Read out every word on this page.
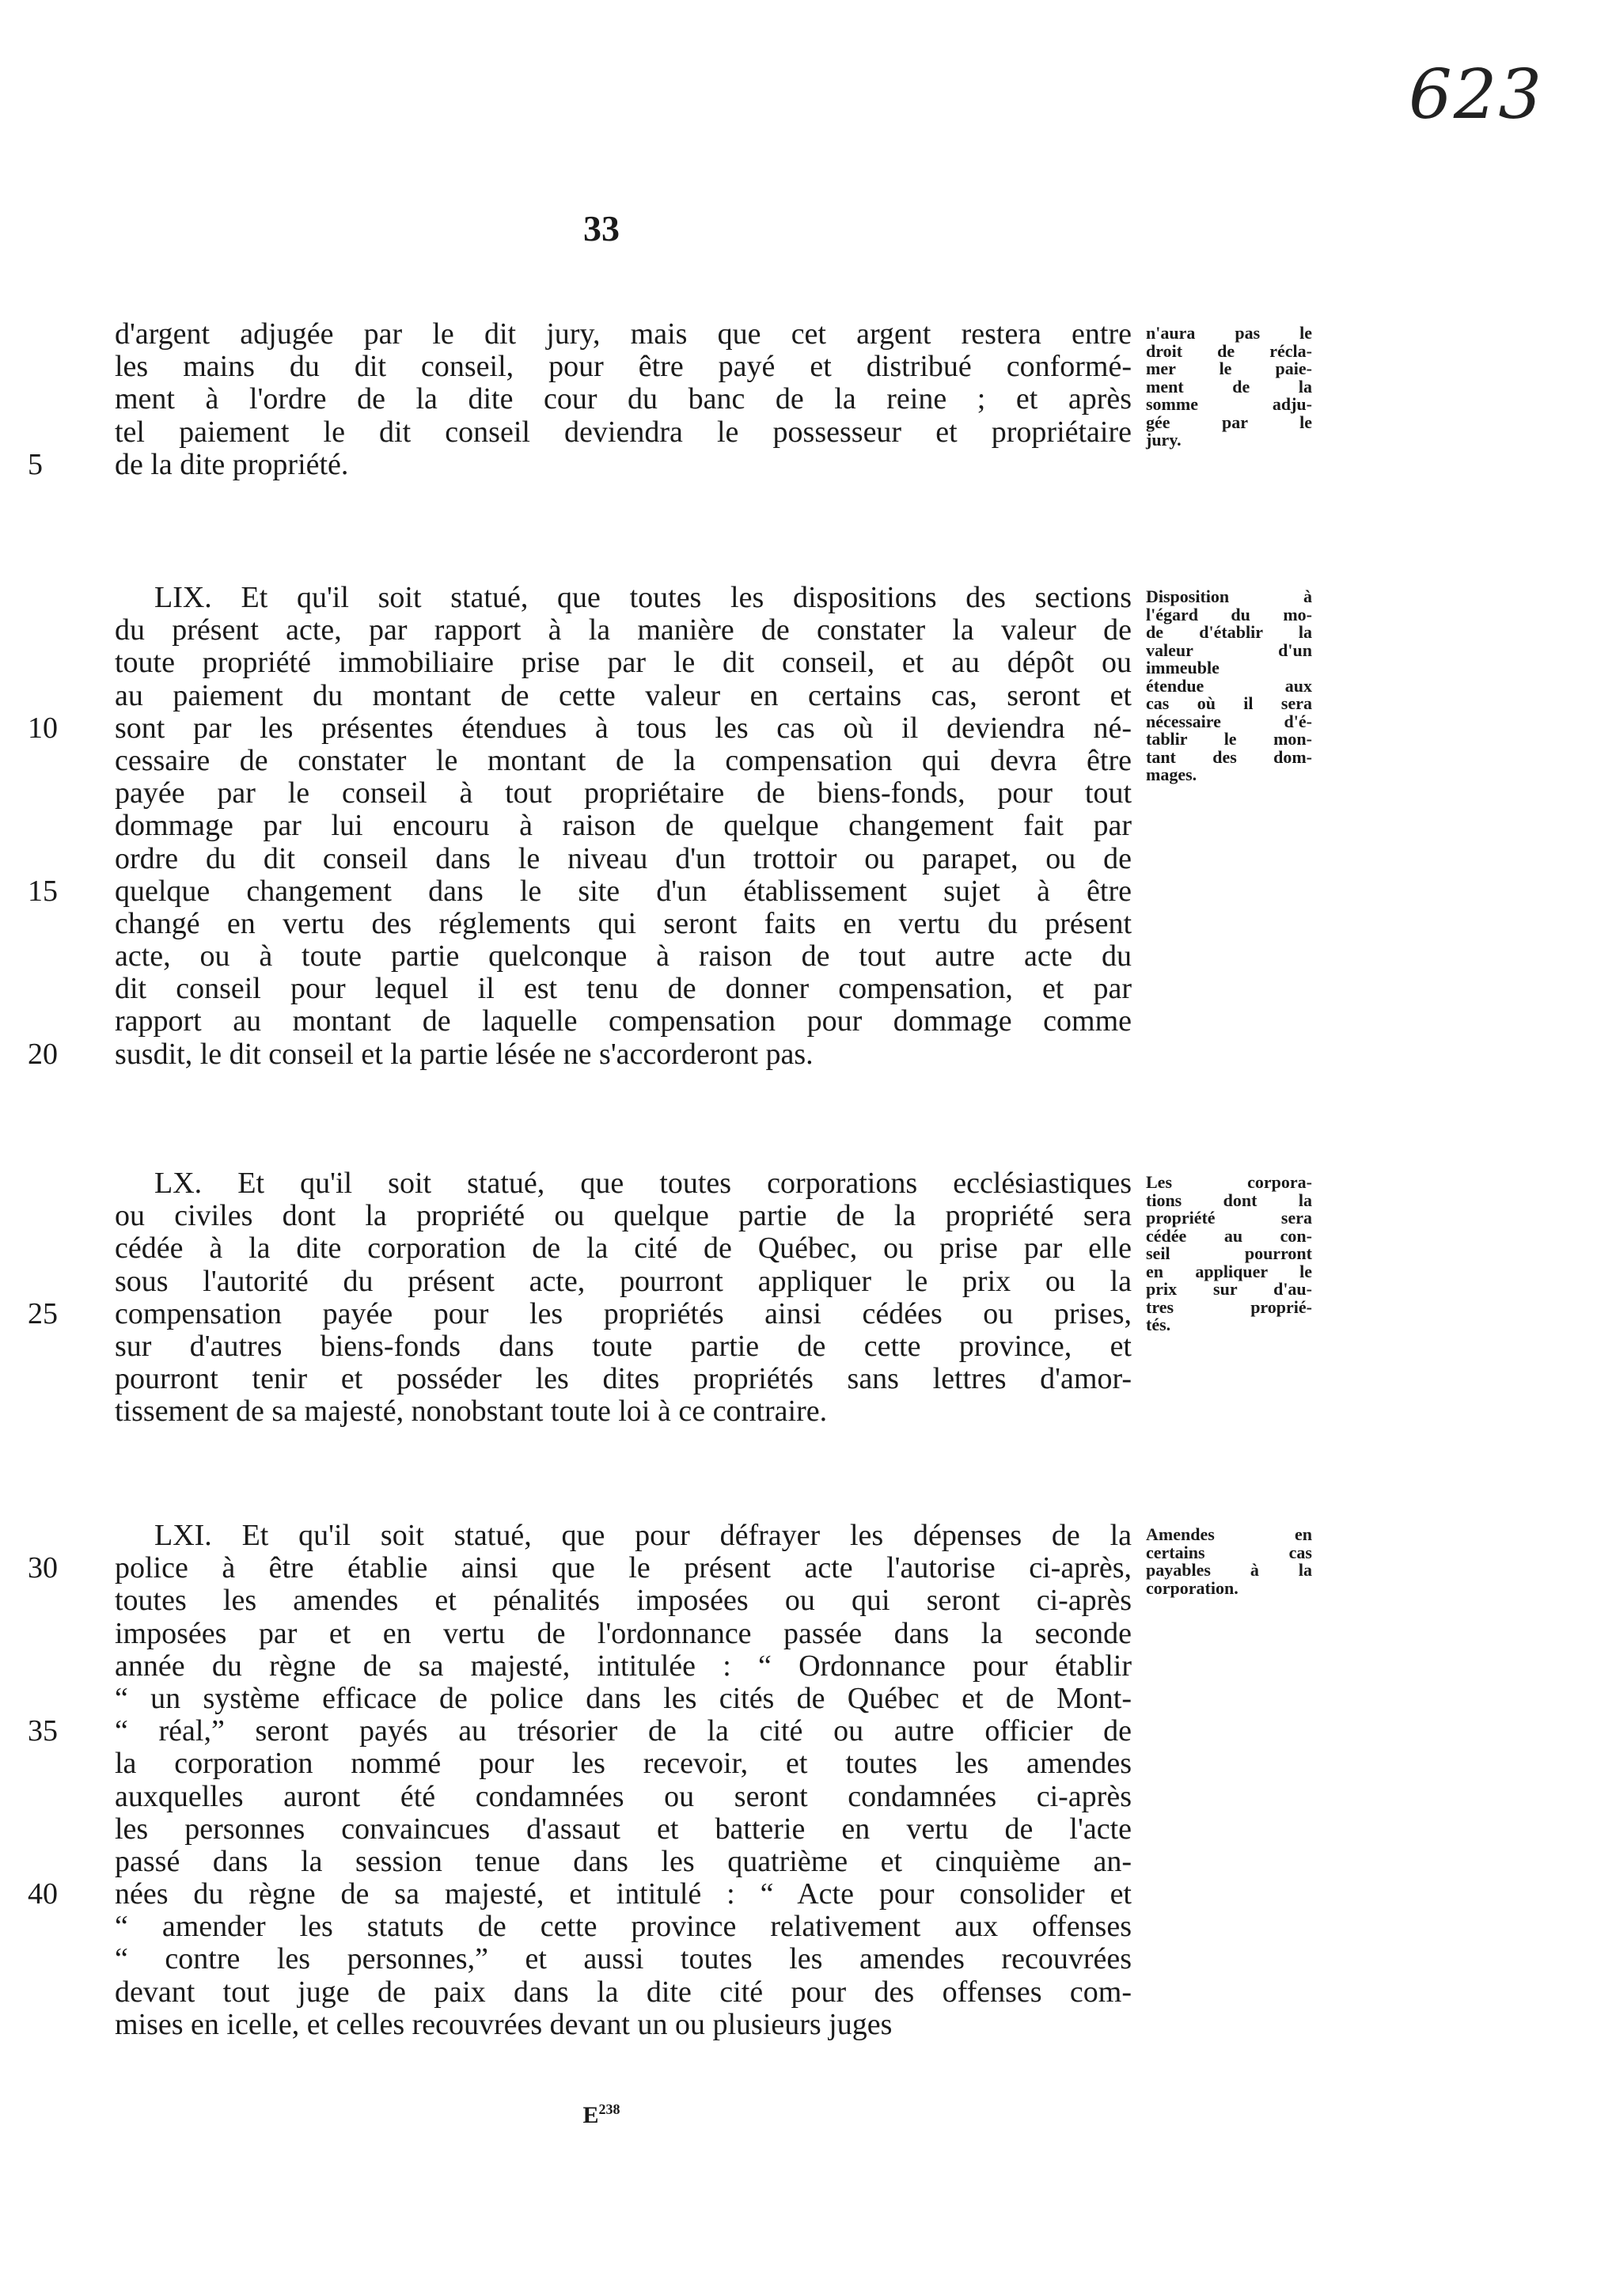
623
33
d'argent adjugée par le dit jury, mais que cet argent restera entre
les mains du dit conseil, pour être payé et distribué conformé-
ment à l'ordre de la dite cour du banc de la reine ; et après
tel paiement le dit conseil deviendra le possesseur et propriétaire
de la dite propriété.
5
n'aura pas le
droit de récla-
mer le paie-
ment de la
somme adju-
gée par le
jury.
LIX. Et qu'il soit statué, que toutes les dispositions des sections
du présent acte, par rapport à la manière de constater la valeur de
toute propriété immobiliaire prise par le dit conseil, et au dépôt ou
au paiement du montant de cette valeur en certains cas, seront et
sont par les présentes étendues à tous les cas où il deviendra né-
10
cessaire de constater le montant de la compensation qui devra être
payée par le conseil à tout propriétaire de biens-fonds, pour tout
dommage par lui encouru à raison de quelque changement fait par
ordre du dit conseil dans le niveau d'un trottoir ou parapet, ou de
quelque changement dans le site d'un établissement sujet à être
15
changé en vertu des réglements qui seront faits en vertu du présent
acte, ou à toute partie quelconque à raison de tout autre acte du
dit conseil pour lequel il est tenu de donner compensation, et par
rapport au montant de laquelle compensation pour dommage comme
susdit, le dit conseil et la partie lésée ne s'accorderont pas.
20
Disposition à
l'égard du mo-
de d'établir la
valeur d'un
immeuble
étendue aux
cas où il sera
nécessaire d'é-
tablir le mon-
tant des dom-
mages.
LX. Et qu'il soit statué, que toutes corporations ecclésiastiques
ou civiles dont la propriété ou quelque partie de la propriété sera
cédée à la dite corporation de la cité de Québec, ou prise par elle
sous l'autorité du présent acte, pourront appliquer le prix ou la
compensation payée pour les propriétés ainsi cédées ou prises,
25
sur d'autres biens-fonds dans toute partie de cette province, et
pourront tenir et posséder les dites propriétés sans lettres d'amor-
tissement de sa majesté, nonobstant toute loi à ce contraire.
Les corpora-
tions dont la
propriété sera
cédée au con-
seil pourront
en appliquer le
prix sur d'au-
tres proprié-
tés.
LXI. Et qu'il soit statué, que pour défrayer les dépenses de la
police à être établie ainsi que le présent acte l'autorise ci-après,
30
toutes les amendes et pénalités imposées ou qui seront ci-après
imposées par et en vertu de l'ordonnance passée dans la seconde
année du règne de sa majesté, intitulée : “ Ordonnance pour établir
“ un système efficace de police dans les cités de Québec et de Mont-
“ réal,” seront payés au trésorier de la cité ou autre officier de
35
la corporation nommé pour les recevoir, et toutes les amendes
auxquelles auront été condamnées ou seront condamnées ci-après
les personnes convaincues d'assaut et batterie en vertu de l'acte
passé dans la session tenue dans les quatrième et cinquième an-
nées du règne de sa majesté, et intitulé : “ Acte pour consolider et
40
“ amender les statuts de cette province relativement aux offenses
“ contre les personnes,” et aussi toutes les amendes recouvrées
devant tout juge de paix dans la dite cité pour des offenses com-
mises en icelle, et celles recouvrées devant un ou plusieurs juges
Amendes en
certains cas
payables à la
corporation.
$E^{238}$
